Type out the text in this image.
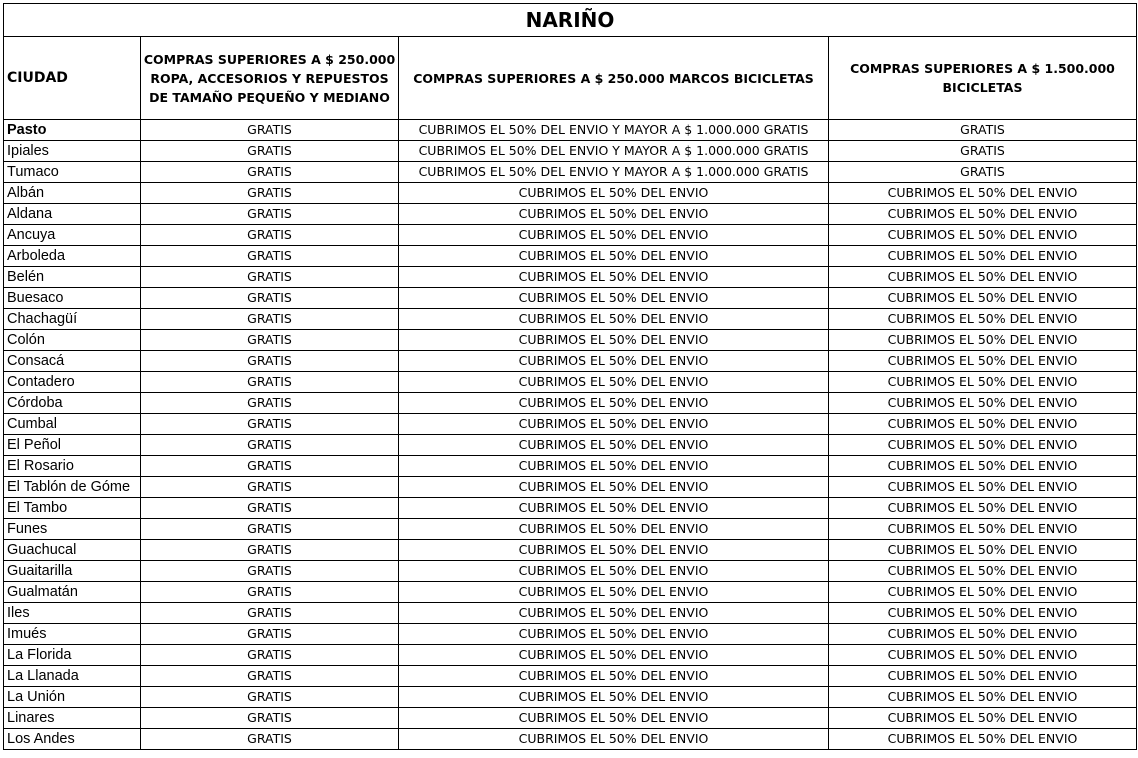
NARIÑO			
CIUDAD	COMPRAS SUPERIORES A $ 250.000 ROPA, ACCESORIOS Y REPUESTOS DE TAMAÑO PEQUEÑO Y MEDIANO	COMPRAS SUPERIORES A $ 250.000 MARCOS BICICLETAS	COMPRAS SUPERIORES A $ 1.500.000 BICICLETAS
Pasto	GRATIS	CUBRIMOS EL 50% DEL ENVIO Y MAYOR A $ 1.000.000 GRATIS	GRATIS
Ipiales	GRATIS	CUBRIMOS EL 50% DEL ENVIO Y MAYOR A $ 1.000.000 GRATIS	GRATIS
Tumaco	GRATIS	CUBRIMOS EL 50% DEL ENVIO Y MAYOR A $ 1.000.000 GRATIS	GRATIS
Albán	GRATIS	CUBRIMOS EL 50% DEL ENVIO	CUBRIMOS EL 50% DEL ENVIO
Aldana	GRATIS	CUBRIMOS EL 50% DEL ENVIO	CUBRIMOS EL 50% DEL ENVIO
Ancuya	GRATIS	CUBRIMOS EL 50% DEL ENVIO	CUBRIMOS EL 50% DEL ENVIO
Arboleda	GRATIS	CUBRIMOS EL 50% DEL ENVIO	CUBRIMOS EL 50% DEL ENVIO
Belén	GRATIS	CUBRIMOS EL 50% DEL ENVIO	CUBRIMOS EL 50% DEL ENVIO
Buesaco	GRATIS	CUBRIMOS EL 50% DEL ENVIO	CUBRIMOS EL 50% DEL ENVIO
Chachagüí	GRATIS	CUBRIMOS EL 50% DEL ENVIO	CUBRIMOS EL 50% DEL ENVIO
Colón	GRATIS	CUBRIMOS EL 50% DEL ENVIO	CUBRIMOS EL 50% DEL ENVIO
Consacá	GRATIS	CUBRIMOS EL 50% DEL ENVIO	CUBRIMOS EL 50% DEL ENVIO
Contadero	GRATIS	CUBRIMOS EL 50% DEL ENVIO	CUBRIMOS EL 50% DEL ENVIO
Córdoba	GRATIS	CUBRIMOS EL 50% DEL ENVIO	CUBRIMOS EL 50% DEL ENVIO
Cumbal	GRATIS	CUBRIMOS EL 50% DEL ENVIO	CUBRIMOS EL 50% DEL ENVIO
El Peñol	GRATIS	CUBRIMOS EL 50% DEL ENVIO	CUBRIMOS EL 50% DEL ENVIO
El Rosario	GRATIS	CUBRIMOS EL 50% DEL ENVIO	CUBRIMOS EL 50% DEL ENVIO
El Tablón de Góme	GRATIS	CUBRIMOS EL 50% DEL ENVIO	CUBRIMOS EL 50% DEL ENVIO
El Tambo	GRATIS	CUBRIMOS EL 50% DEL ENVIO	CUBRIMOS EL 50% DEL ENVIO
Funes	GRATIS	CUBRIMOS EL 50% DEL ENVIO	CUBRIMOS EL 50% DEL ENVIO
Guachucal	GRATIS	CUBRIMOS EL 50% DEL ENVIO	CUBRIMOS EL 50% DEL ENVIO
Guaitarilla	GRATIS	CUBRIMOS EL 50% DEL ENVIO	CUBRIMOS EL 50% DEL ENVIO
Gualmatán	GRATIS	CUBRIMOS EL 50% DEL ENVIO	CUBRIMOS EL 50% DEL ENVIO
Iles	GRATIS	CUBRIMOS EL 50% DEL ENVIO	CUBRIMOS EL 50% DEL ENVIO
Imués	GRATIS	CUBRIMOS EL 50% DEL ENVIO	CUBRIMOS EL 50% DEL ENVIO
La Florida	GRATIS	CUBRIMOS EL 50% DEL ENVIO	CUBRIMOS EL 50% DEL ENVIO
La Llanada	GRATIS	CUBRIMOS EL 50% DEL ENVIO	CUBRIMOS EL 50% DEL ENVIO
La Unión	GRATIS	CUBRIMOS EL 50% DEL ENVIO	CUBRIMOS EL 50% DEL ENVIO
Linares	GRATIS	CUBRIMOS EL 50% DEL ENVIO	CUBRIMOS EL 50% DEL ENVIO
Los Andes	GRATIS	CUBRIMOS EL 50% DEL ENVIO	CUBRIMOS EL 50% DEL ENVIO
